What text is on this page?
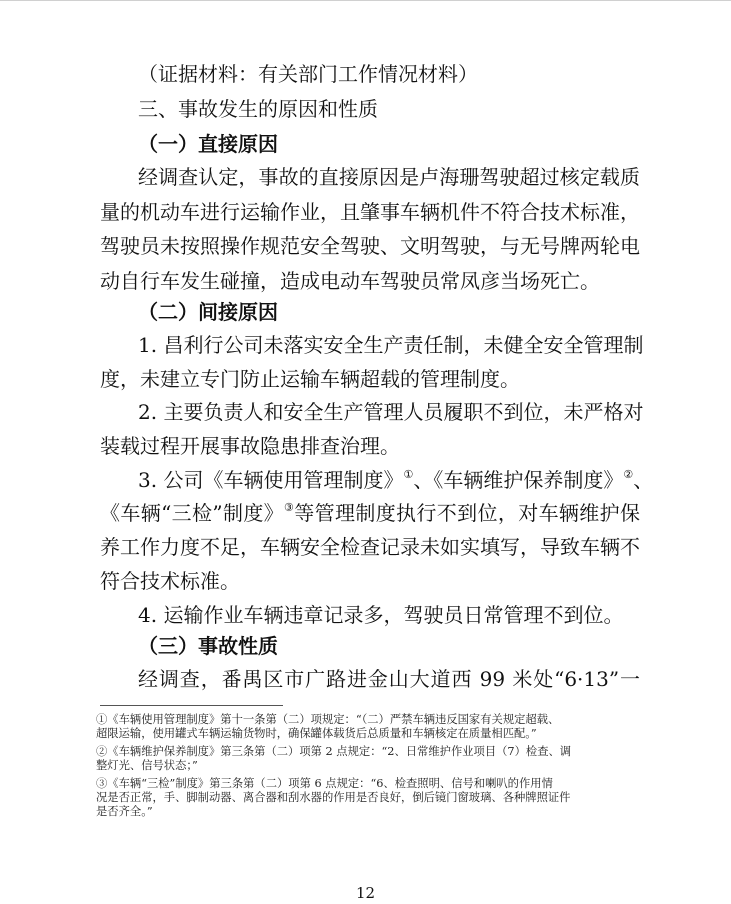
（证据材料：有关部门工作情况材料）
三、事故发生的原因和性质
（一）直接原因
经调查认定，事故的直接原因是卢海珊驾驶超过核定载质
量的机动车进行运输作业，且肇事车辆机件不符合技术标准，
驾驶员未按照操作规范安全驾驶、文明驾驶，与无号牌两轮电
动自行车发生碰撞，造成电动车驾驶员常凤彦当场死亡。
（二）间接原因
1. 昌利行公司未落实安全生产责任制，未健全安全管理制
度，未建立专门防止运输车辆超载的管理制度。
2. 主要负责人和安全生产管理人员履职不到位，未严格对
装载过程开展事故隐患排查治理。
3. 公司《车辆使用管理制度》①、《车辆维护保养制度》②、
《车辆“三检”制度》③等管理制度执行不到位，对车辆维护保
养工作力度不足，车辆安全检查记录未如实填写，导致车辆不
符合技术标准。
4. 运输作业车辆违章记录多，驾驶员日常管理不到位。
（三）事故性质
经调查，番禺区市广路进金山大道西 99 米处“6·13”一
①《车辆使用管理制度》第十一条第（二）项规定：“（二）严禁车辆违反国家有关规定超载、
超限运输，使用罐式车辆运输货物时，确保罐体载货后总质量和车辆核定在质量相匹配。”
②《车辆维护保养制度》第三条第（二）项第 2 点规定：“2、日常维护作业项目（7）检查、调
整灯光、信号状态；”
③《车辆“三检”制度》第三条第（二）项第 6 点规定：“6、检查照明、信号和喇叭的作用情
况是否正常，手、脚制动器、离合器和刮水器的作用是否良好，倒后镜门窗玻璃、各种牌照证件
是否齐全。”
12
